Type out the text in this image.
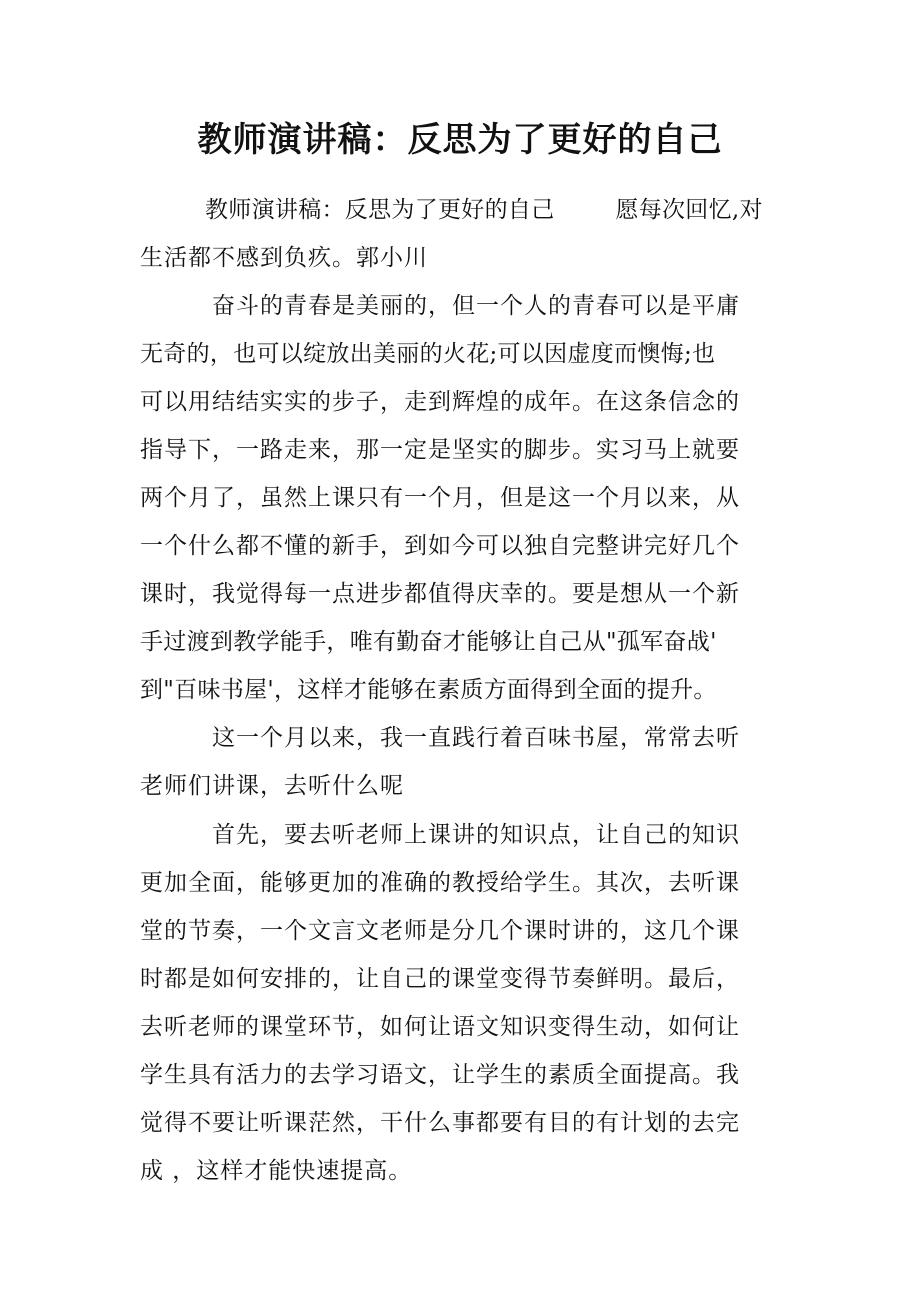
教师演讲稿：反思为了更好的自己
教师演讲稿：反思为了更好的自己        愿每次回忆,对
生活都不感到负疚。郭小川
奋斗的青春是美丽的，但一个人的青春可以是平庸
无奇的，也可以绽放出美丽的火花;可以因虚度而懊悔;也
可以用结结实实的步子，走到辉煌的成年。在这条信念的
指导下，一路走来，那一定是坚实的脚步。实习马上就要
两个月了，虽然上课只有一个月，但是这一个月以来，从
一个什么都不懂的新手，到如今可以独自完整讲完好几个
课时，我觉得每一点进步都值得庆幸的。要是想从一个新
手过渡到教学能手，唯有勤奋才能够让自己从"孤军奋战'
到"百味书屋'，这样才能够在素质方面得到全面的提升。
这一个月以来，我一直践行着百味书屋，常常去听
老师们讲课，去听什么呢
首先，要去听老师上课讲的知识点，让自己的知识
更加全面，能够更加的准确的教授给学生。其次，去听课
堂的节奏，一个文言文老师是分几个课时讲的，这几个课
时都是如何安排的，让自己的课堂变得节奏鲜明。最后，
去听老师的课堂环节，如何让语文知识变得生动，如何让
学生具有活力的去学习语文，让学生的素质全面提高。我
觉得不要让听课茫然，干什么事都要有目的有计划的去完
成 ，这样才能快速提高。
